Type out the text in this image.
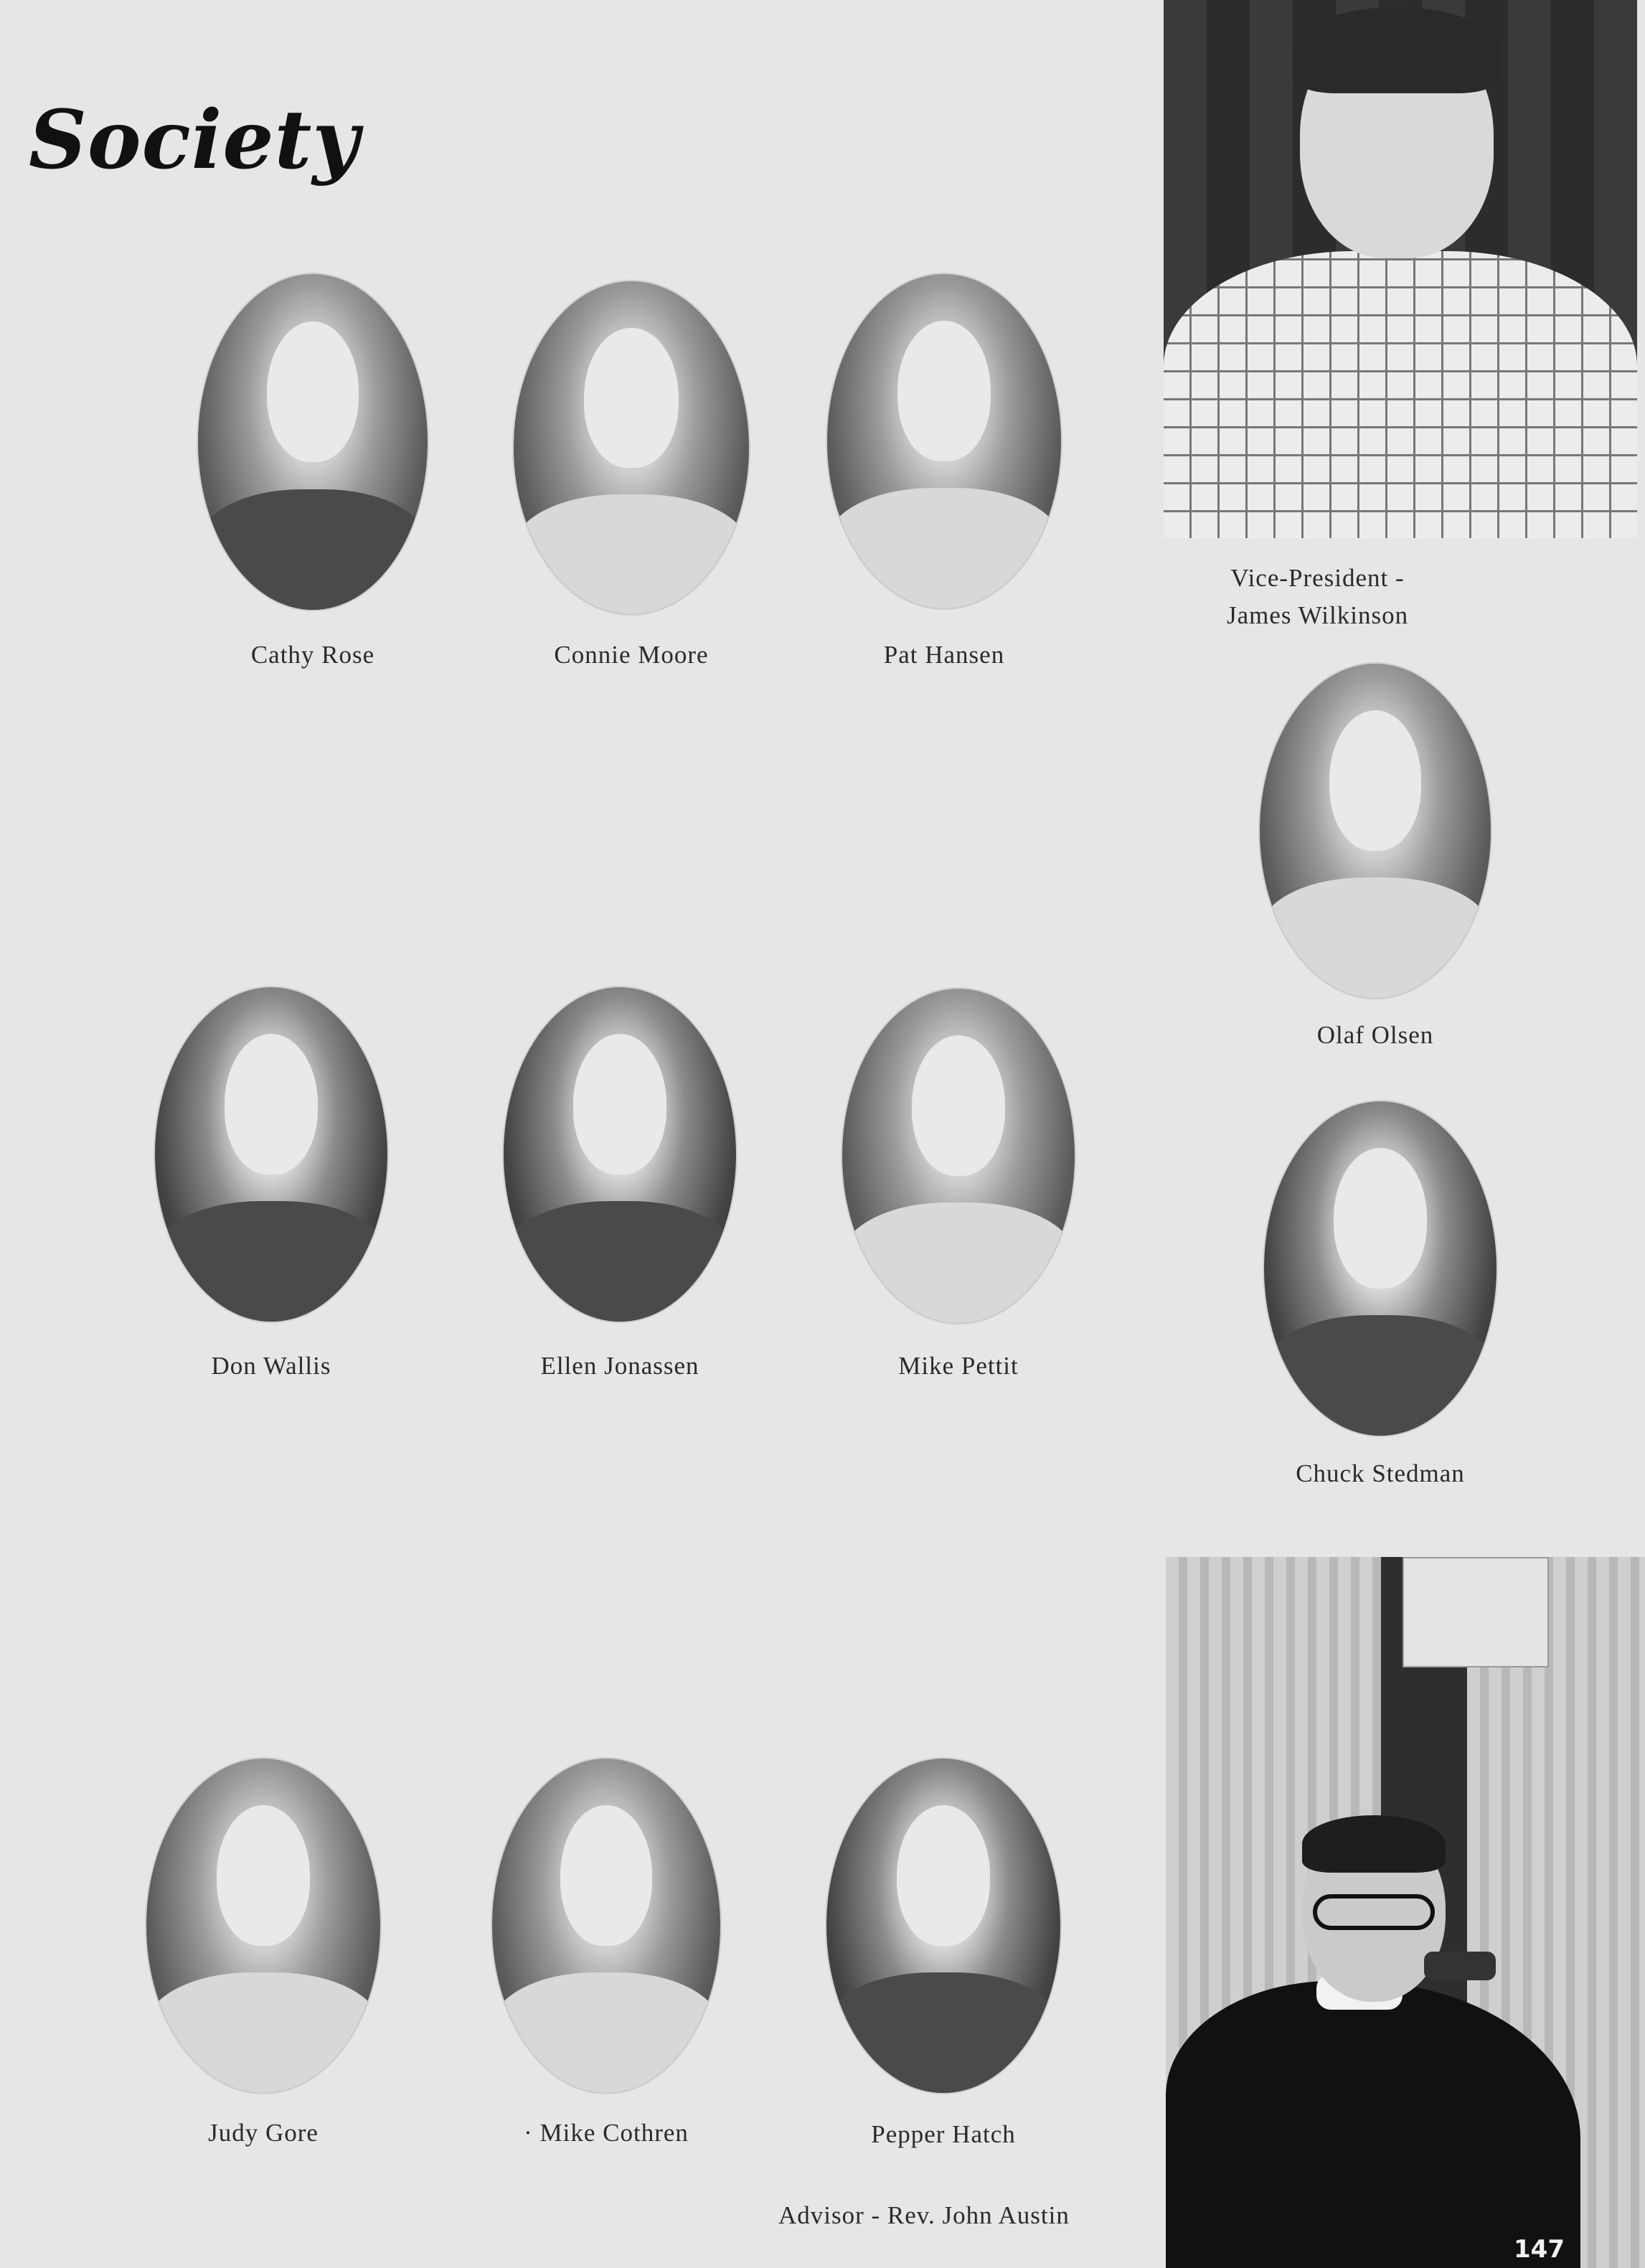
Society
Vice-President -
James Wilkinson
Cathy Rose	Connie Moore	Pat Hansen
Olaf Olsen
Don Wallis	Ellen Jonassen	Mike Pettit
Chuck Stedman
Judy Gore	· Mike Cothren	Pepper Hatch
Advisor - Rev. John Austin
147
